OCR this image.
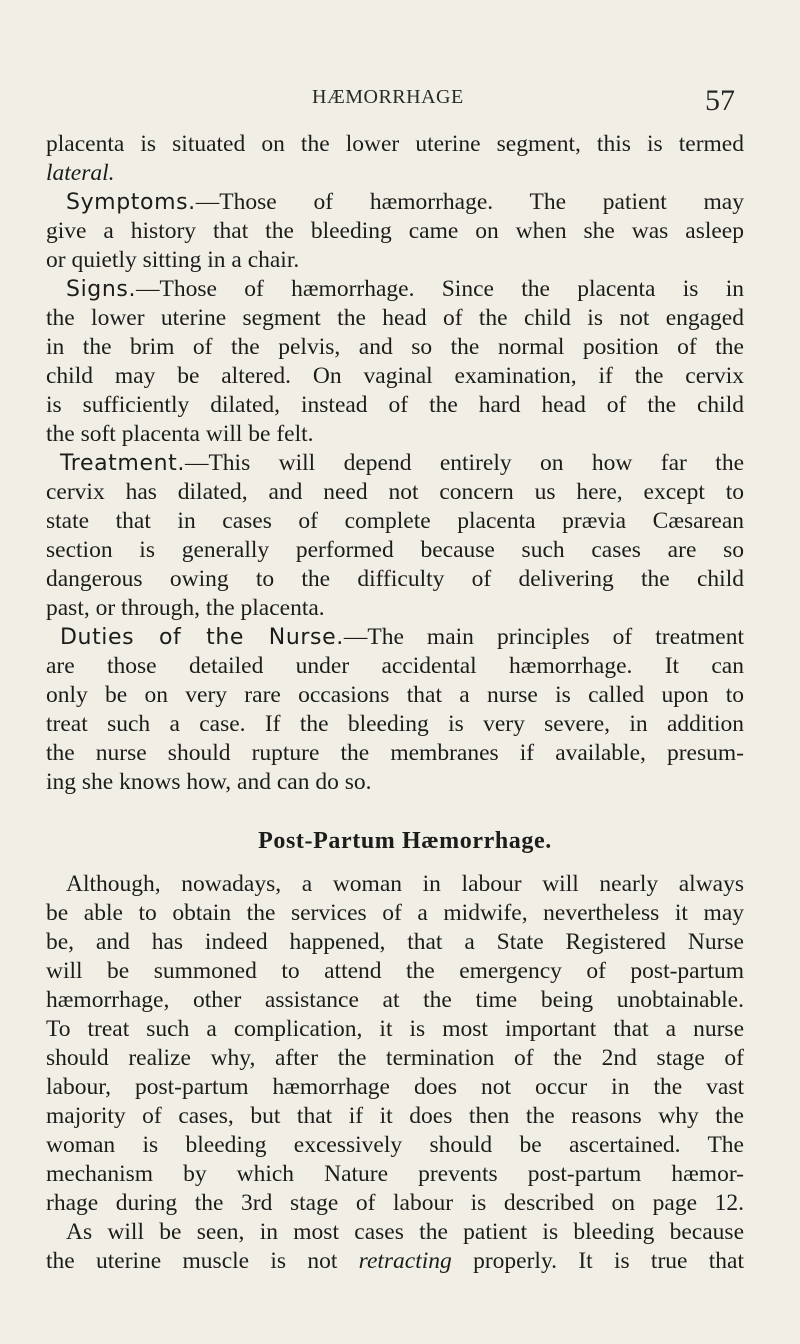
HÆMORRHAGE	57
placenta is situated on the lower uterine segment, this is termed
lateral.
Symptoms.—Those of hæmorrhage. The patient may
give a history that the bleeding came on when she was asleep
or quietly sitting in a chair.
Signs.—Those of hæmorrhage. Since the placenta is in
the lower uterine segment the head of the child is not engaged
in the brim of the pelvis, and so the normal position of the
child may be altered. On vaginal examination, if the cervix
is sufficiently dilated, instead of the hard head of the child
the soft placenta will be felt.
Treatment.—This will depend entirely on how far the
cervix has dilated, and need not concern us here, except to
state that in cases of complete placenta prævia Cæsarean
section is generally performed because such cases are so
dangerous owing to the difficulty of delivering the child
past, or through, the placenta.
Duties of the Nurse.—The main principles of treatment
are those detailed under accidental hæmorrhage. It can
only be on very rare occasions that a nurse is called upon to
treat such a case. If the bleeding is very severe, in addition
the nurse should rupture the membranes if available, presum-
ing she knows how, and can do so.
Post-Partum Hæmorrhage.
Although, nowadays, a woman in labour will nearly always
be able to obtain the services of a midwife, nevertheless it may
be, and has indeed happened, that a State Registered Nurse
will be summoned to attend the emergency of post-partum
hæmorrhage, other assistance at the time being unobtainable.
To treat such a complication, it is most important that a nurse
should realize why, after the termination of the 2nd stage of
labour, post-partum hæmorrhage does not occur in the vast
majority of cases, but that if it does then the reasons why the
woman is bleeding excessively should be ascertained. The
mechanism by which Nature prevents post-partum hæmor-
rhage during the 3rd stage of labour is described on page 12.
As will be seen, in most cases the patient is bleeding because
the uterine muscle is not retracting properly. It is true that
